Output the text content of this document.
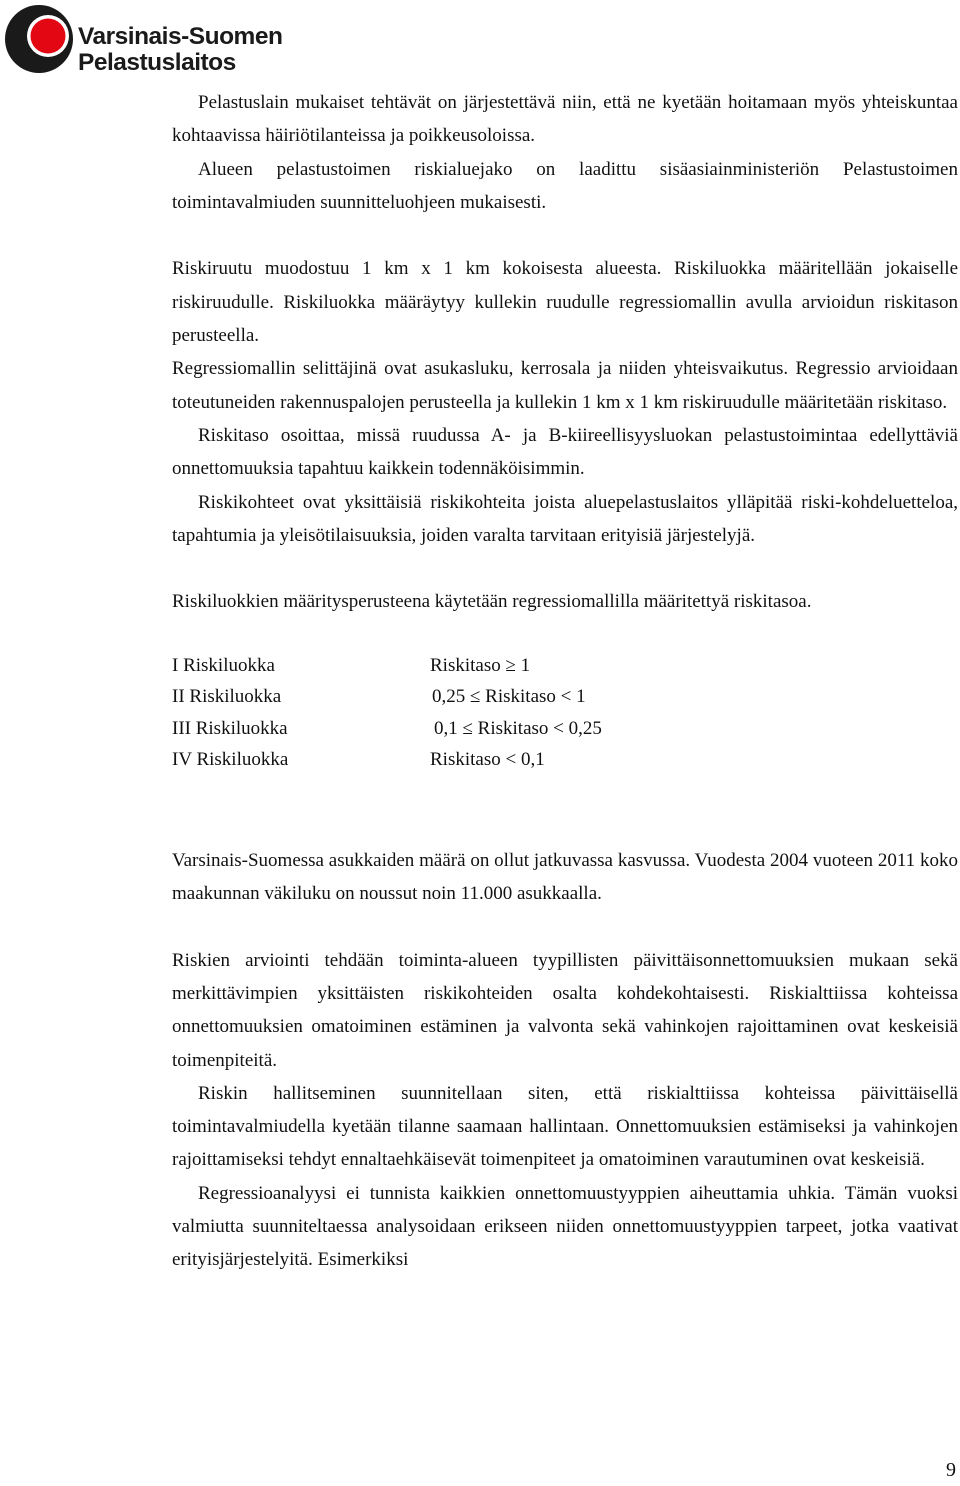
Varsinais-Suomen
Pelastuslaitos

Pelastuslain mukaiset tehtävät on järjestettävä niin, että ne kyetään hoitamaan myös yhteiskuntaa kohtaavissa häiriötilanteissa ja poikkeusoloissa.

Alueen pelastustoimen riskialuejako on laadittu sisäasiainministeriön Pelastustoimen toimintavalmiuden suunnitteluohjeen mukaisesti.

Riskiruutu muodostuu 1 km x 1 km kokoisesta alueesta. Riskiluokka määritellään jokaiselle riskiruudulle. Riskiluokka määräytyy kullekin ruudulle regressiomallin avulla arvioidun riskitason perusteella.

Regressiomallin selittäjinä ovat asukasluku, kerrosala ja niiden yhteisvaikutus. Regressio arvioidaan toteutuneiden rakennuspalojen perusteella ja kullekin 1 km x 1 km riskiruudulle määritetään riskitaso.

Riskitaso osoittaa, missä ruudussa A- ja B-kiireellisyysluokan pelastustoimintaa edellyttäviä onnettomuuksia tapahtuu kaikkein todennäköisimmin.

Riskikohteet ovat yksittäisiä riskikohteita joista aluepelastuslaitos ylläpitää riski-kohdeluetteloa, tapahtumia ja yleisötilaisuuksia, joiden varalta tarvitaan erityisiä järjestelyjä.

Riskiluokkien määritysperusteena käytetään regressiomallilla määritettyä riskitasoa.

I Riskiluokka	Riskitaso ≥ 1
II Riskiluokka	0,25 ≤ Riskitaso < 1
III Riskiluokka	0,1 ≤ Riskitaso < 0,25
IV Riskiluokka	Riskitaso < 0,1

Varsinais-Suomessa asukkaiden määrä on ollut jatkuvassa kasvussa. Vuodesta 2004 vuoteen 2011 koko maakunnan väkiluku on noussut noin 11.000 asukkaalla.

Riskien arviointi tehdään toiminta-alueen tyypillisten päivittäisonnettomuuksien mukaan sekä merkittävimpien yksittäisten riskikohteiden osalta kohdekohtaisesti. Riskialttiissa kohteissa onnettomuuksien omatoiminen estäminen ja valvonta sekä vahinkojen rajoittaminen ovat keskeisiä toimenpiteitä.

Riskin hallitseminen suunnitellaan siten, että riskialttiissa kohteissa päivittäisellä toimintavalmiudella kyetään tilanne saamaan hallintaan. Onnettomuuksien estämiseksi ja vahinkojen rajoittamiseksi tehdyt ennaltaehkäisevät toimenpiteet ja omatoiminen varautuminen ovat keskeisiä.

Regressioanalyysi ei tunnista kaikkien onnettomuustyyppien aiheuttamia uhkia. Tämän vuoksi valmiutta suunniteltaessa analysoidaan erikseen niiden onnettomuustyyppien tarpeet, jotka vaativat erityisjärjestelyitä. Esimerkiksi

9
